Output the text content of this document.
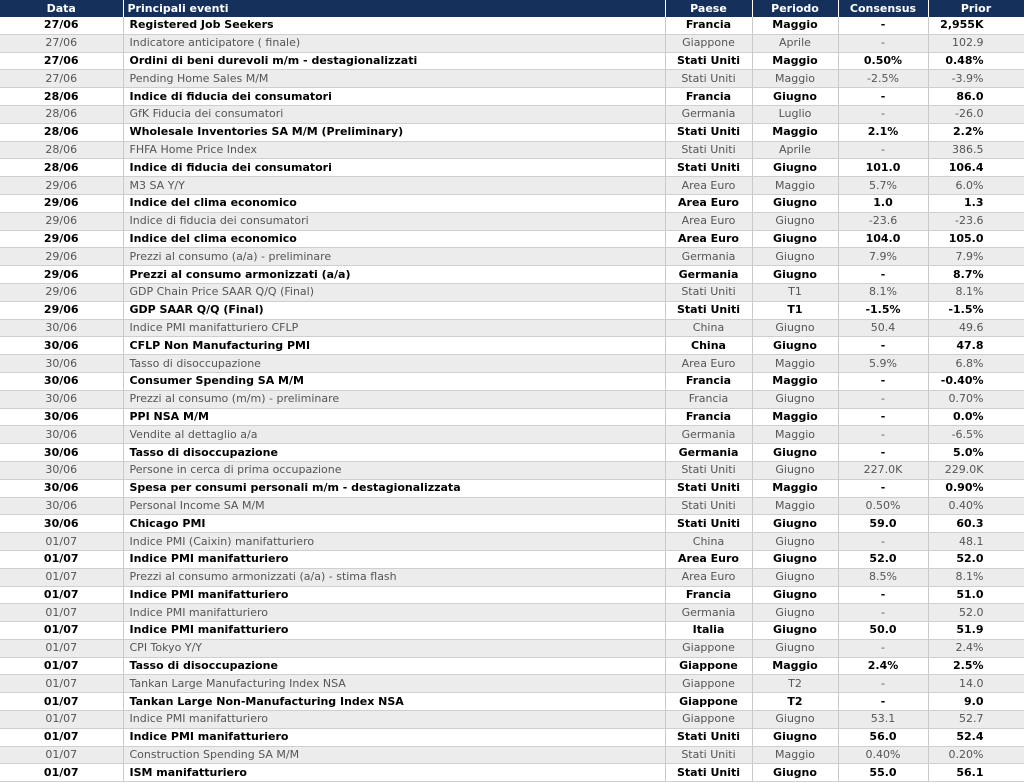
Data	Principali eventi	Paese	Periodo	Consensus	Prior
27/06	Registered Job Seekers	Francia	Maggio	-	2,955K
27/06	Indicatore anticipatore ( finale)	Giappone	Aprile	-	102.9
27/06	Ordini di beni durevoli m/m - destagionalizzati	Stati Uniti	Maggio	0.50%	0.48%
27/06	Pending Home Sales M/M	Stati Uniti	Maggio	-2.5%	-3.9%
28/06	Indice di fiducia dei consumatori	Francia	Giugno	-	86.0
28/06	GfK Fiducia dei consumatori	Germania	Luglio	-	-26.0
28/06	Wholesale Inventories SA M/M (Preliminary)	Stati Uniti	Maggio	2.1%	2.2%
28/06	FHFA Home Price Index	Stati Uniti	Aprile	-	386.5
28/06	Indice di fiducia dei consumatori	Stati Uniti	Giugno	101.0	106.4
29/06	M3 SA Y/Y	Area Euro	Maggio	5.7%	6.0%
29/06	Indice del clima economico	Area Euro	Giugno	1.0	1.3
29/06	Indice di fiducia dei consumatori	Area Euro	Giugno	-23.6	-23.6
29/06	Indice del clima economico	Area Euro	Giugno	104.0	105.0
29/06	Prezzi al consumo (a/a) - preliminare	Germania	Giugno	7.9%	7.9%
29/06	Prezzi al consumo armonizzati (a/a)	Germania	Giugno	-	8.7%
29/06	GDP Chain Price SAAR Q/Q (Final)	Stati Uniti	T1	8.1%	8.1%
29/06	GDP SAAR Q/Q (Final)	Stati Uniti	T1	-1.5%	-1.5%
30/06	Indice PMI manifatturiero CFLP	China	Giugno	50.4	49.6
30/06	CFLP Non Manufacturing PMI	China	Giugno	-	47.8
30/06	Tasso di disoccupazione	Area Euro	Maggio	5.9%	6.8%
30/06	Consumer Spending SA M/M	Francia	Maggio	-	-0.40%
30/06	Prezzi al consumo (m/m) - preliminare	Francia	Giugno	-	0.70%
30/06	PPI NSA M/M	Francia	Maggio	-	0.0%
30/06	Vendite al dettaglio a/a	Germania	Maggio	-	-6.5%
30/06	Tasso di disoccupazione	Germania	Giugno	-	5.0%
30/06	Persone in cerca di prima occupazione	Stati Uniti	Giugno	227.0K	229.0K
30/06	Spesa per consumi personali m/m - destagionalizzata	Stati Uniti	Maggio	-	0.90%
30/06	Personal Income SA M/M	Stati Uniti	Maggio	0.50%	0.40%
30/06	Chicago PMI	Stati Uniti	Giugno	59.0	60.3
01/07	Indice PMI (Caixin) manifatturiero	China	Giugno	-	48.1
01/07	Indice PMI manifatturiero	Area Euro	Giugno	52.0	52.0
01/07	Prezzi al consumo armonizzati (a/a) - stima flash	Area Euro	Giugno	8.5%	8.1%
01/07	Indice PMI manifatturiero	Francia	Giugno	-	51.0
01/07	Indice PMI manifatturiero	Germania	Giugno	-	52.0
01/07	Indice PMI manifatturiero	Italia	Giugno	50.0	51.9
01/07	CPI Tokyo Y/Y	Giappone	Giugno	-	2.4%
01/07	Tasso di disoccupazione	Giappone	Maggio	2.4%	2.5%
01/07	Tankan Large Manufacturing Index NSA	Giappone	T2	-	14.0
01/07	Tankan Large Non-Manufacturing Index NSA	Giappone	T2	-	9.0
01/07	Indice PMI manifatturiero	Giappone	Giugno	53.1	52.7
01/07	Indice PMI manifatturiero	Stati Uniti	Giugno	56.0	52.4
01/07	Construction Spending SA M/M	Stati Uniti	Maggio	0.40%	0.20%
01/07	ISM manifatturiero	Stati Uniti	Giugno	55.0	56.1
